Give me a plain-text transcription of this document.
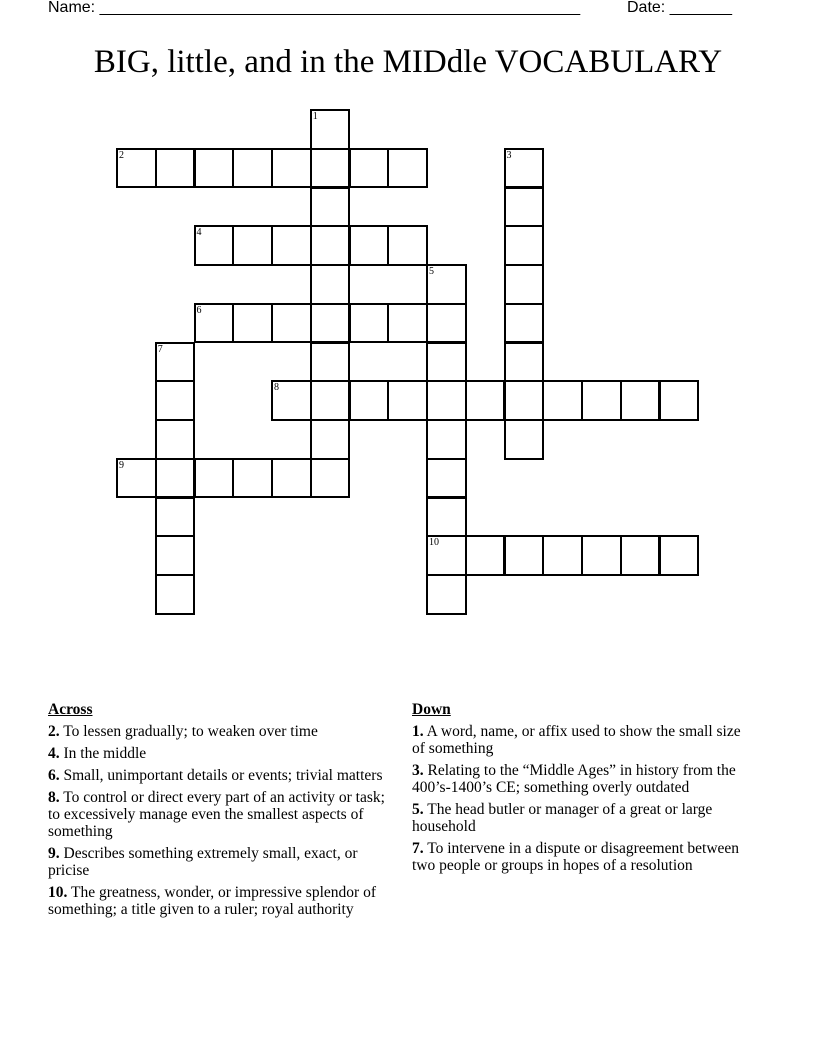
Name: ______________________________________________________	Date: _______
BIG, little, and in the MIDdle VOCABULARY
1
2	3
4
5
10
6
7
8
9
Across
2. To lessen gradually; to weaken over time
4. In the middle
6. Small, unimportant details or events; trivial matters
8. To control or direct every part of an activity or task; to excessively manage even the smallest aspects of something
9. Describes something extremely small, exact, or pricise
10. The greatness, wonder, or impressive splendor of something; a title given to a ruler; royal authority
Down
1. A word, name, or affix used to show the small size of something
3. Relating to the “Middle Ages” in history from the 400’s-1400’s CE; something overly outdated
5. The head butler or manager of a great or large household
7. To intervene in a dispute or disagreement between two people or groups in hopes of a resolution
